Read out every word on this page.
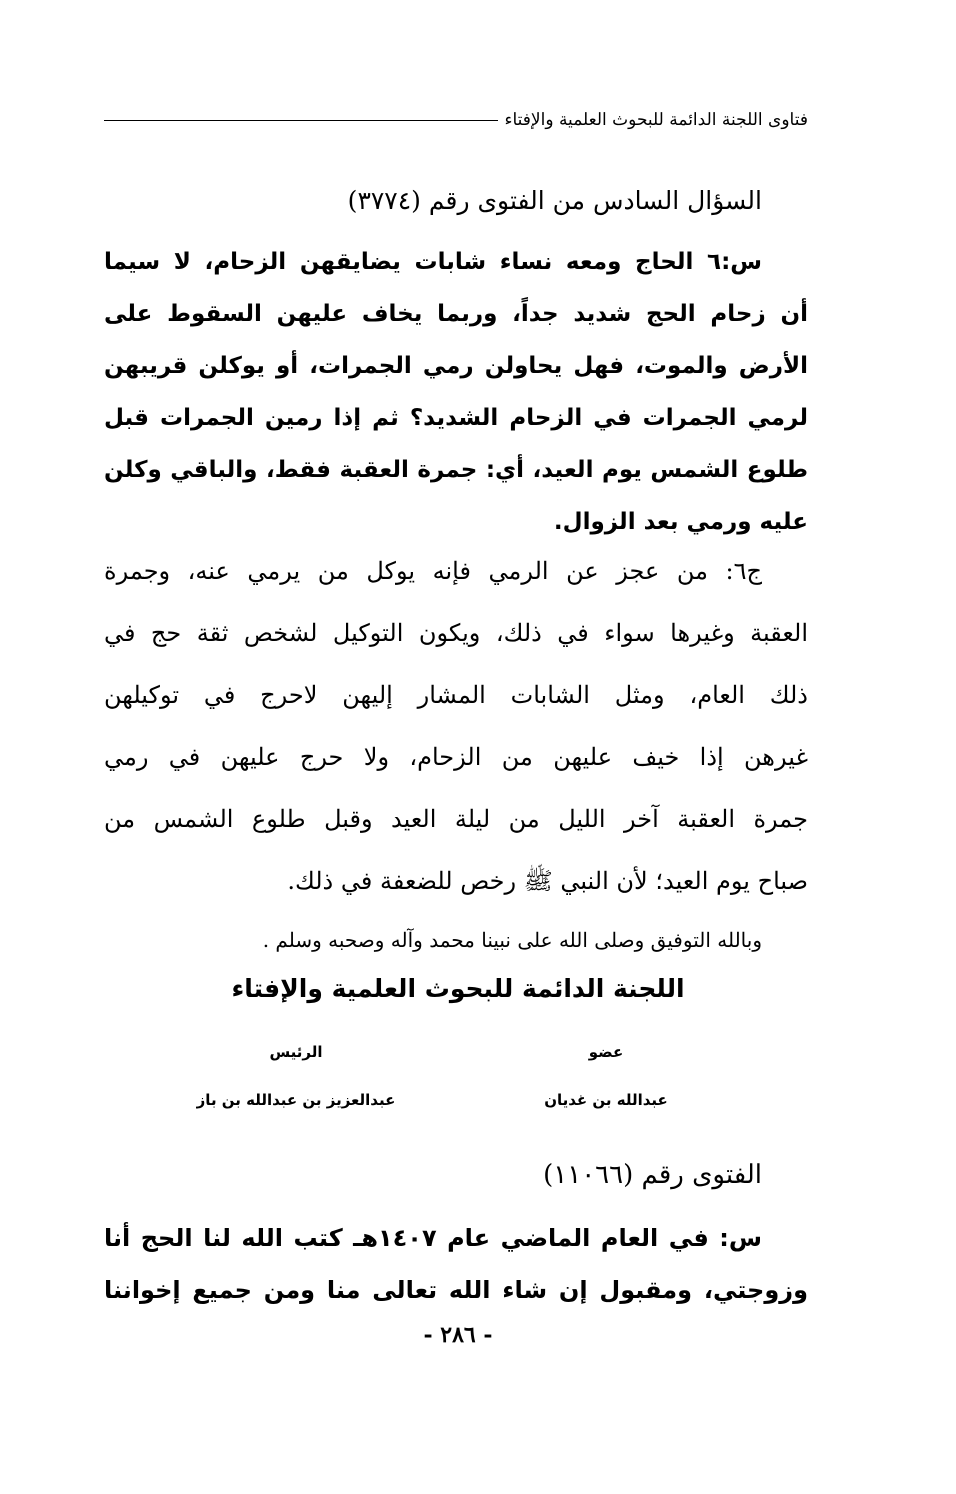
فتاوى اللجنة الدائمة للبحوث العلمية والإفتاء
السؤال السادس من الفتوى رقم (٣٧٧٤)
س:٦ الحاج ومعه نساء شابات يضايقهن الزحام، لا سيما
أن زحام الحج شديد جداً، وربما يخاف عليهن السقوط على
الأرض والموت، فهل يحاولن رمي الجمرات، أو يوكلن قريبهن
لرمي الجمرات في الزحام الشديد؟ ثم إذا رمين الجمرات قبل
طلوع الشمس يوم العيد، أي: جمرة العقبة فقط، والباقي وكلن
عليه ورمي بعد الزوال.
ج٦: من عجز عن الرمي فإنه يوكل من يرمي عنه، وجمرة
العقبة وغيرها سواء في ذلك، ويكون التوكيل لشخص ثقة حج في
ذلك العام، ومثل الشابات المشار إليهن لاحرج في توكيلهن
غيرهن إذا خيف عليهن من الزحام، ولا حرج عليهن في رمي
جمرة العقبة آخر الليل من ليلة العيد وقبل طلوع الشمس من
صباح يوم العيد؛ لأن النبي ﷺ رخص للضعفة في ذلك.
وبالله التوفيق وصلى الله على نبينا محمد وآله وصحبه وسلم .
اللجنة الدائمة للبحوث العلمية والإفتاء
عضو
عبدالله بن غديان
الرئيس
عبدالعزيز بن عبدالله بن باز
الفتوى رقم (١١٠٦٦)
س: في العام الماضي عام ١٤٠٧هـ كتب الله لنا الحج أنا
وزوجتي، ومقبول إن شاء الله تعالى منا ومن جميع إخواننا
- ٢٨٦ -
